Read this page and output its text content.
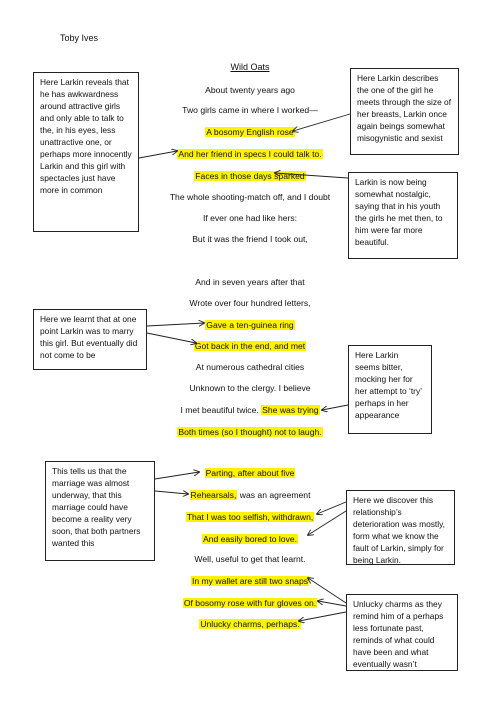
Toby Ives
Wild Oats
About twenty years ago
Two girls came in where I worked—
A bosomy English rose
And her friend in specs I could talk to.
Faces in those days sparked
The whole shooting-match off, and I doubt
If ever one had like hers:
But it was the friend I took out,
And in seven years after that
Wrote over four hundred letters,
Gave a ten-guinea ring
Got back in the end, and met
At numerous cathedral cities
Unknown to the clergy. I believe
I met beautiful twice. She was trying
Both times (so I thought) not to laugh.
Parting, after about five
Rehearsals, was an agreement
That I was too selfish, withdrawn,
And easily bored to love.
Well, useful to get that learnt.
In my wallet are still two snaps
Of bosomy rose with fur gloves on.
Unlucky charms, perhaps.
Here Larkin reveals that he has awkwardness around attractive girls and only able to talk to the, in his eyes, less unattractive one, or perhaps more innocently Larkin and this girl with spectacles just have more in common
Here Larkin describes the one of the girl he meets through the size of her breasts, Larkin once again beings somewhat misogynistic and sexist
Larkin is now being somewhat nostalgic, saying that in his youth the girls he met then, to him were far more beautiful.
Here we learnt that at one point Larkin was to marry this girl. But eventually did not come to be	Here Larkin seems bitter, mocking her for her attempt to ‘try’ perhaps in her appearance
This tells us that the marriage was almost underway, that this marriage could have become a reality very soon, that both partners wanted this
Here we discover this relationship’s deterioration was mostly, form what we know the fault of Larkin, simply for being Larkin.
Unlucky charms as they remind him of a perhaps less fortunate past, reminds of what could have been and what eventually wasn’t
